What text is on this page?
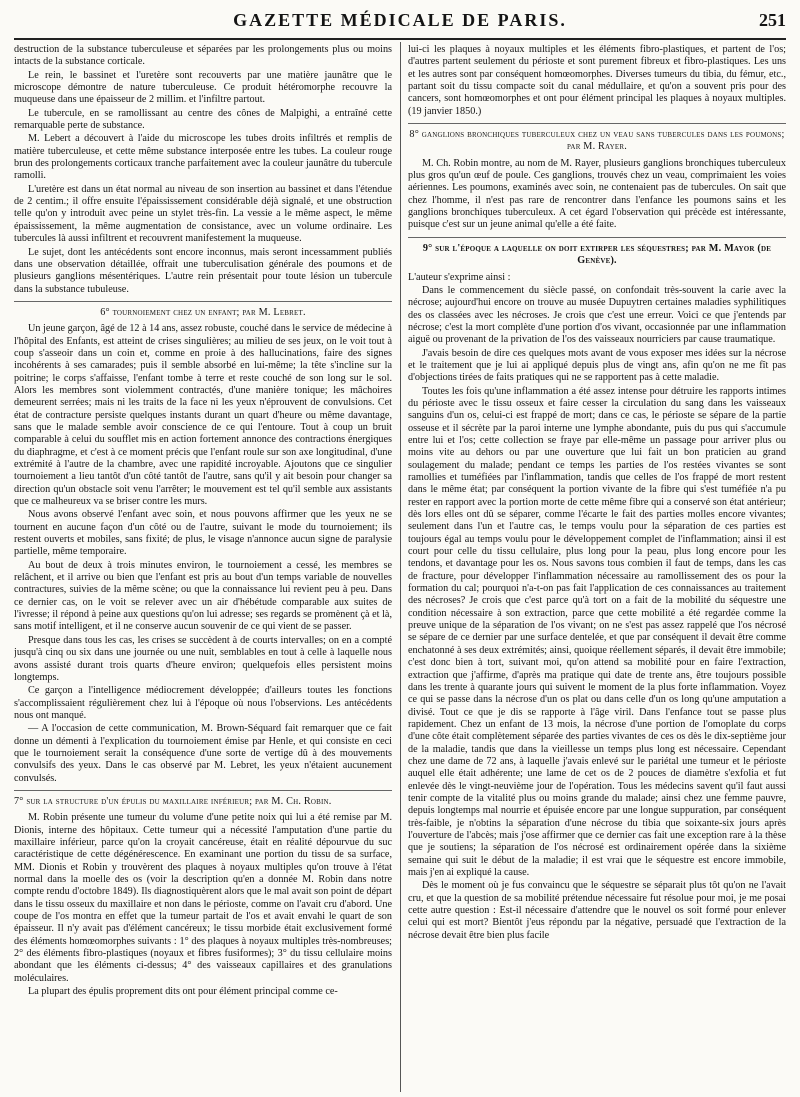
GAZETTE MÉDICALE DE PARIS.	251

destruction de la substance tuberculeuse et séparées par les prolongements plus ou moins intacts de la substance corticale.

Le rein, le bassinet et l'uretère sont recouverts par une matière jaunâtre que le microscope démontre de nature tuberculeuse. Ce produit hétéromorphe recouvre la muqueuse dans une épaisseur de 2 millim. et l'infiltre partout.

Le tubercule, en se ramollissant au centre des cônes de Malpighi, a entraîné cette remarquable perte de substance.

M. Lebert a découvert à l'aide du microscope les tubes droits infiltrés et remplis de matière tuberculeuse, et cette même substance interposée entre les tubes. La couleur rouge brun des prolongements corticaux tranche parfaitement avec la couleur jaunâtre du tubercule ramolli.

L'uretère est dans un état normal au niveau de son insertion au bassinet et dans l'étendue de 2 centim.; il offre ensuite l'épaississement considérable déjà signalé, et une obstruction telle qu'on y introduit avec peine un stylet très-fin. La vessie a le même aspect, le même épaississement, la même augmentation de consistance, avec un volume ordinaire. Les tubercules là aussi infiltrent et recouvrent manifestement la muqueuse.

Le sujet, dont les antécédents sont encore inconnus, mais seront incessamment publiés dans une observation détaillée, offrait une tuberculisation générale des poumons et de plusieurs ganglions mésentériques. L'autre rein présentait pour toute lésion un tubercule dans la substance tubuleuse.

6° tournoiement chez un enfant; par M. Lebret.

Un jeune garçon, âgé de 12 à 14 ans, assez robuste, couché dans le service de médecine à l'hôpital des Enfants, est atteint de crises singulières; au milieu de ses jeux, on le voit tout à coup s'asseoir dans un coin et, comme en proie à des hallucinations, faire des signes incohérents à ses camarades; puis il semble absorbé en lui-même; la tête s'incline sur la poitrine; le corps s'affaisse, l'enfant tombe à terre et reste couché de son long sur le sol. Alors les membres sont violemment contractés, d'une manière tonique; les mâchoires demeurent serrées; mais ni les traits de la face ni les yeux n'éprouvent de convulsions. Cet état de contracture persiste quelques instants durant un quart d'heure ou même davantage, sans que le malade semble avoir conscience de ce qui l'entoure. Tout à coup un bruit comparable à celui du soufflet mis en action fortement annonce des contractions énergiques du diaphragme, et c'est à ce moment précis que l'enfant roule sur son axe longitudinal, d'une extrémité à l'autre de la chambre, avec une rapidité incroyable. Ajoutons que ce singulier tournoiement a lieu tantôt d'un côté tantôt de l'autre, sans qu'il y ait besoin pour changer sa direction qu'un obstacle soit venu l'arrêter; le mouvement est tel qu'il semble aux assistants que ce malheureux va se briser contre les murs.

Nous avons observé l'enfant avec soin, et nous pouvons affirmer que les yeux ne se tournent en aucune façon d'un côté ou de l'autre, suivant le mode du tournoiement; ils restent ouverts et mobiles, sans fixité; de plus, le visage n'annonce aucun signe de paralysie partielle, même temporaire.

Au bout de deux à trois minutes environ, le tournoiement a cessé, les membres se relâchent, et il arrive ou bien que l'enfant est pris au bout d'un temps variable de nouvelles contractures, suivies de la même scène; ou que la connaissance lui revient peu à peu. Dans ce dernier cas, on le voit se relever avec un air d'hébétude comparable aux suites de l'ivresse; il répond à peine aux questions qu'on lui adresse; ses regards se promènent çà et là, sans motif intelligent, et il ne conserve aucun souvenir de ce qui vient de se passer.

Presque dans tous les cas, les crises se succèdent à de courts intervalles; on en a compté jusqu'à cinq ou six dans une journée ou une nuit, semblables en tout à celle à laquelle nous avons assisté durant trois quarts d'heure environ; quelquefois elles persistent moins longtemps.

Ce garçon a l'intelligence médiocrement développée; d'ailleurs toutes les fonctions s'accomplissaient régulièrement chez lui à l'époque où nous l'observions. Les antécédents nous ont manqué.

— A l'occasion de cette communication, M. Brown-Séquard fait remarquer que ce fait donne un démenti à l'explication du tournoiement émise par Henle, et qui consiste en ceci que le tournoiement serait la conséquence d'une sorte de vertige dû à des mouvements convulsifs des yeux. Dans le cas observé par M. Lebret, les yeux n'étaient aucunement convulsés.

7° sur la structure d'un épulis du maxillaire inférieur; par M. Ch. Robin.

M. Robin présente une tumeur du volume d'une petite noix qui lui a été remise par M. Dionis, interne des hôpitaux. Cette tumeur qui a nécessité l'amputation d'une partie du maxillaire inférieur, parce qu'on la croyait cancéreuse, était en réalité dépourvue du suc caractéristique de cette dégénérescence. En examinant une portion du tissu de sa surface, MM. Dionis et Robin y trouvèrent des plaques à noyaux multiples qu'on trouve à l'état normal dans la moelle des os (voir la description qu'en a donnée M. Robin dans notre compte rendu d'octobre 1849). Ils diagnostiquèrent alors que le mal avait son point de départ dans le tissu osseux du maxillaire et non dans le périoste, comme on l'avait cru d'abord. Une coupe de l'os montra en effet que la tumeur partait de l'os et avait envahi le quart de son épaisseur. Il n'y avait pas d'élément cancéreux; le tissu morbide était exclusivement formé des éléments homœomorphes suivants : 1° des plaques à noyaux multiples très-nombreuses; 2° des éléments fibro-plastiques (noyaux et fibres fusiformes); 3° du tissu cellulaire moins abondant que les éléments ci-dessus; 4° des vaisseaux capillaires et des granulations moléculaires.

La plupart des épulis proprement dits ont pour élément principal comme ce-

lui-ci les plaques à noyaux multiples et les éléments fibro-plastiques, et partent de l'os; d'autres partent seulement du périoste et sont purement fibreux et fibro-plastiques. Les uns et les autres sont par conséquent homœomorphes. Diverses tumeurs du tibia, du fémur, etc., partant soit du tissu compacte soit du canal médullaire, et qu'on a souvent pris pour des cancers, sont homœomorphes et ont pour élément principal les plaques à noyaux multiples. (19 janvier 1850.)

8° ganglions bronchiques tuberculeux chez un veau sans tubercules dans les poumons; par M. Rayer.

M. Ch. Robin montre, au nom de M. Rayer, plusieurs ganglions bronchiques tuberculeux plus gros qu'un œuf de poule. Ces ganglions, trouvés chez un veau, comprimaient les voies aériennes. Les poumons, examinés avec soin, ne contenaient pas de tubercules. On sait que chez l'homme, il n'est pas rare de rencontrer dans l'enfance les poumons sains et les ganglions bronchiques tuberculeux. A cet égard l'observation qui précède est intéressante, puisque c'est sur un jeune animal qu'elle a été faite.

9° sur l'époque a laquelle on doit extirper les séquestres; par M. Mayor (de Genève).

L'auteur s'exprime ainsi :

Dans le commencement du siècle passé, on confondait très-souvent la carie avec la nécrose; aujourd'hui encore on trouve au musée Dupuytren certaines maladies syphilitiques des os classées avec les nécroses. Je crois que c'est une erreur. Voici ce que j'entends par nécrose; c'est la mort complète d'une portion d'os vivant, occasionnée par une inflammation aiguë ou provenant de la privation de l'os des vaisseaux nourriciers par cause traumatique.

J'avais besoin de dire ces quelques mots avant de vous exposer mes idées sur la nécrose et le traitement que je lui ai appliqué depuis plus de vingt ans, afin qu'on ne me fît pas d'objections tirées de faits pratiques qui ne se rapportent pas à cette maladie.

Toutes les fois qu'une inflammation a été assez intense pour détruire les rapports intimes du périoste avec le tissu osseux et faire cesser la circulation du sang dans les vaisseaux sanguins d'un os, celui-ci est frappé de mort; dans ce cas, le périoste se sépare de la partie osseuse et il sécrète par la paroi interne une lymphe abondante, puis du pus qui s'accumule entre lui et l'os; cette collection se fraye par elle-même un passage pour arriver plus ou moins vite au dehors ou par une ouverture que lui fait un bon praticien au grand soulagement du malade; pendant ce temps les parties de l'os restées vivantes se sont ramollies et tuméfiées par l'inflammation, tandis que celles de l'os frappé de mort restent dans le même état; par conséquent la portion vivante de la fibre qui s'est tuméfiée n'a pu rester en rapport avec la portion morte de cette même fibre qui a conservé son état antérieur; dès lors elles ont dû se séparer, comme l'écarte le fait des parties molles encore vivantes; seulement dans l'un et l'autre cas, le temps voulu pour la séparation de ces parties est toujours égal au temps voulu pour le développement complet de l'inflammation; ainsi il est court pour celle du tissu cellulaire, plus long pour la peau, plus long encore pour les tendons, et davantage pour les os. Nous savons tous combien il faut de temps, dans les cas de fracture, pour développer l'inflammation nécessaire au ramollissement des os pour la formation du cal; pourquoi n'a-t-on pas fait l'application de ces connaissances au traitement des nécroses? Je crois que c'est parce qu'à tort on a fait de la mobilité du séquestre une condition nécessaire à son extraction, parce que cette mobilité a été regardée comme la preuve unique de la séparation de l'os vivant; on ne s'est pas assez rappelé que l'os nécrosé se sépare de ce dernier par une surface dentelée, et que par conséquent il devait être comme enchatonné à ses deux extrémités; ainsi, quoique réellement séparés, il devait être immobile; c'est donc bien à tort, suivant moi, qu'on attend sa mobilité pour en faire l'extraction, extraction que j'affirme, d'après ma pratique qui date de trente ans, être toujours possible dans les trente à quarante jours qui suivent le moment de la plus forte inflammation. Voyez ce qui se passe dans la nécrose d'un os plat ou dans celle d'un os long qu'une amputation a divisé. Tout ce que je dis se rapporte à l'âge viril. Dans l'enfance tout se passe plus rapidement. Chez un enfant de 13 mois, la nécrose d'une portion de l'omoplate du corps d'une côte était complètement séparée des parties vivantes de ces os dès le dix-septième jour de la maladie, tandis que dans la vieillesse un temps plus long est nécessaire. Cependant chez une dame de 72 ans, à laquelle j'avais enlevé sur le pariétal une tumeur et le périoste auquel elle était adhérente; une lame de cet os de 2 pouces de diamètre s'exfolia et fut enlevée dès le vingt-neuvième jour de l'opération. Tous les médecins savent qu'il faut aussi tenir compte de la vitalité plus ou moins grande du malade; ainsi chez une femme pauvre, depuis longtemps mal nourrie et épuisée encore par une longue suppuration, par conséquent très-faible, je n'obtins la séparation d'une nécrose du tibia que soixante-six jours après l'ouverture de l'abcès; mais j'ose affirmer que ce dernier cas fait une exception rare à la thèse que je soutiens; la séparation de l'os nécrosé est ordinairement opérée dans la sixième semaine qui suit le début de la maladie; il est vrai que le séquestre est encore immobile, mais j'en ai expliqué la cause.

Dès le moment où je fus convaincu que le séquestre se séparait plus tôt qu'on ne l'avait cru, et que la question de sa mobilité prétendue nécessaire fut résolue pour moi, je me posai cette autre question : Est-il nécessaire d'attendre que le nouvel os soit formé pour enlever celui qui est mort? Bientôt j'eus répondu par la négative, persuadé que l'extraction de la nécrose devait être bien plus facile
